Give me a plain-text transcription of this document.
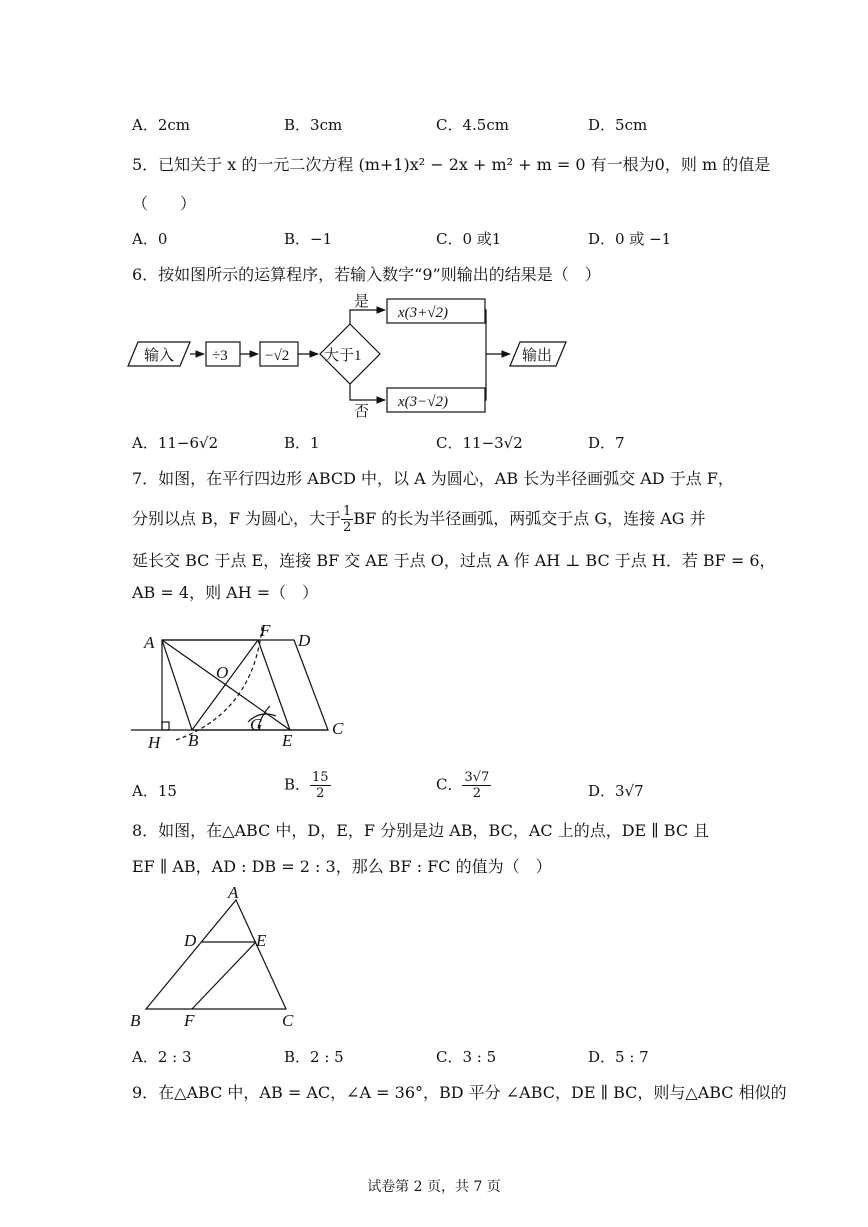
A．2cm	B．3cm	C．4.5cm	D．5cm
5．已知关于 x 的一元二次方程 (m+1)x² − 2x + m² + m = 0 有一根为0，则 m 的值是
（　　）
A．0	B．−1	C．0 或1	D．0 或 −1
6．按如图所示的运算程序，若输入数字“9”则输出的结果是（　）
输入	÷3 −√2 大于1
是
否
x(3+√2)
x(3−√2)
输出
A．11−6√2	B．1	C．11−3√2	D．7
7．如图，在平行四边形 ABCD 中，以 A 为圆心，AB 长为半径画弧交 AD 于点 F，
分别以点 B，F 为圆心，大于 $\frac{1}{2}$ BF 的长为半径画弧，两弧交于点 G，连接 AG 并
延长交 BC 于点 E，连接 BF 交 AE 于点 O，过点 A 作 AH ⊥ BC 于点 H．若 BF = 6，
AB = 4，则 AH =（　）
A	D
F
O
G	C
H B	E
A．15	B． $\frac{15}{2}$	C． $\frac{3√7}{2}$	D．3√7
8．如图，在△ABC 中，D，E，F 分别是边 AB，BC，AC 上的点，DE ∥ BC 且
EF ∥ AB，AD : DB = 2 : 3，那么 BF : FC 的值为（　）
A
D	E
B	F	C
A．2 : 3	B．2 : 5	C．3 : 5	D．5 : 7
9．在△ABC 中，AB = AC，∠A = 36°，BD 平分 ∠ABC，DE ∥ BC，则与△ABC 相似的
试卷第 2 页，共 7 页
